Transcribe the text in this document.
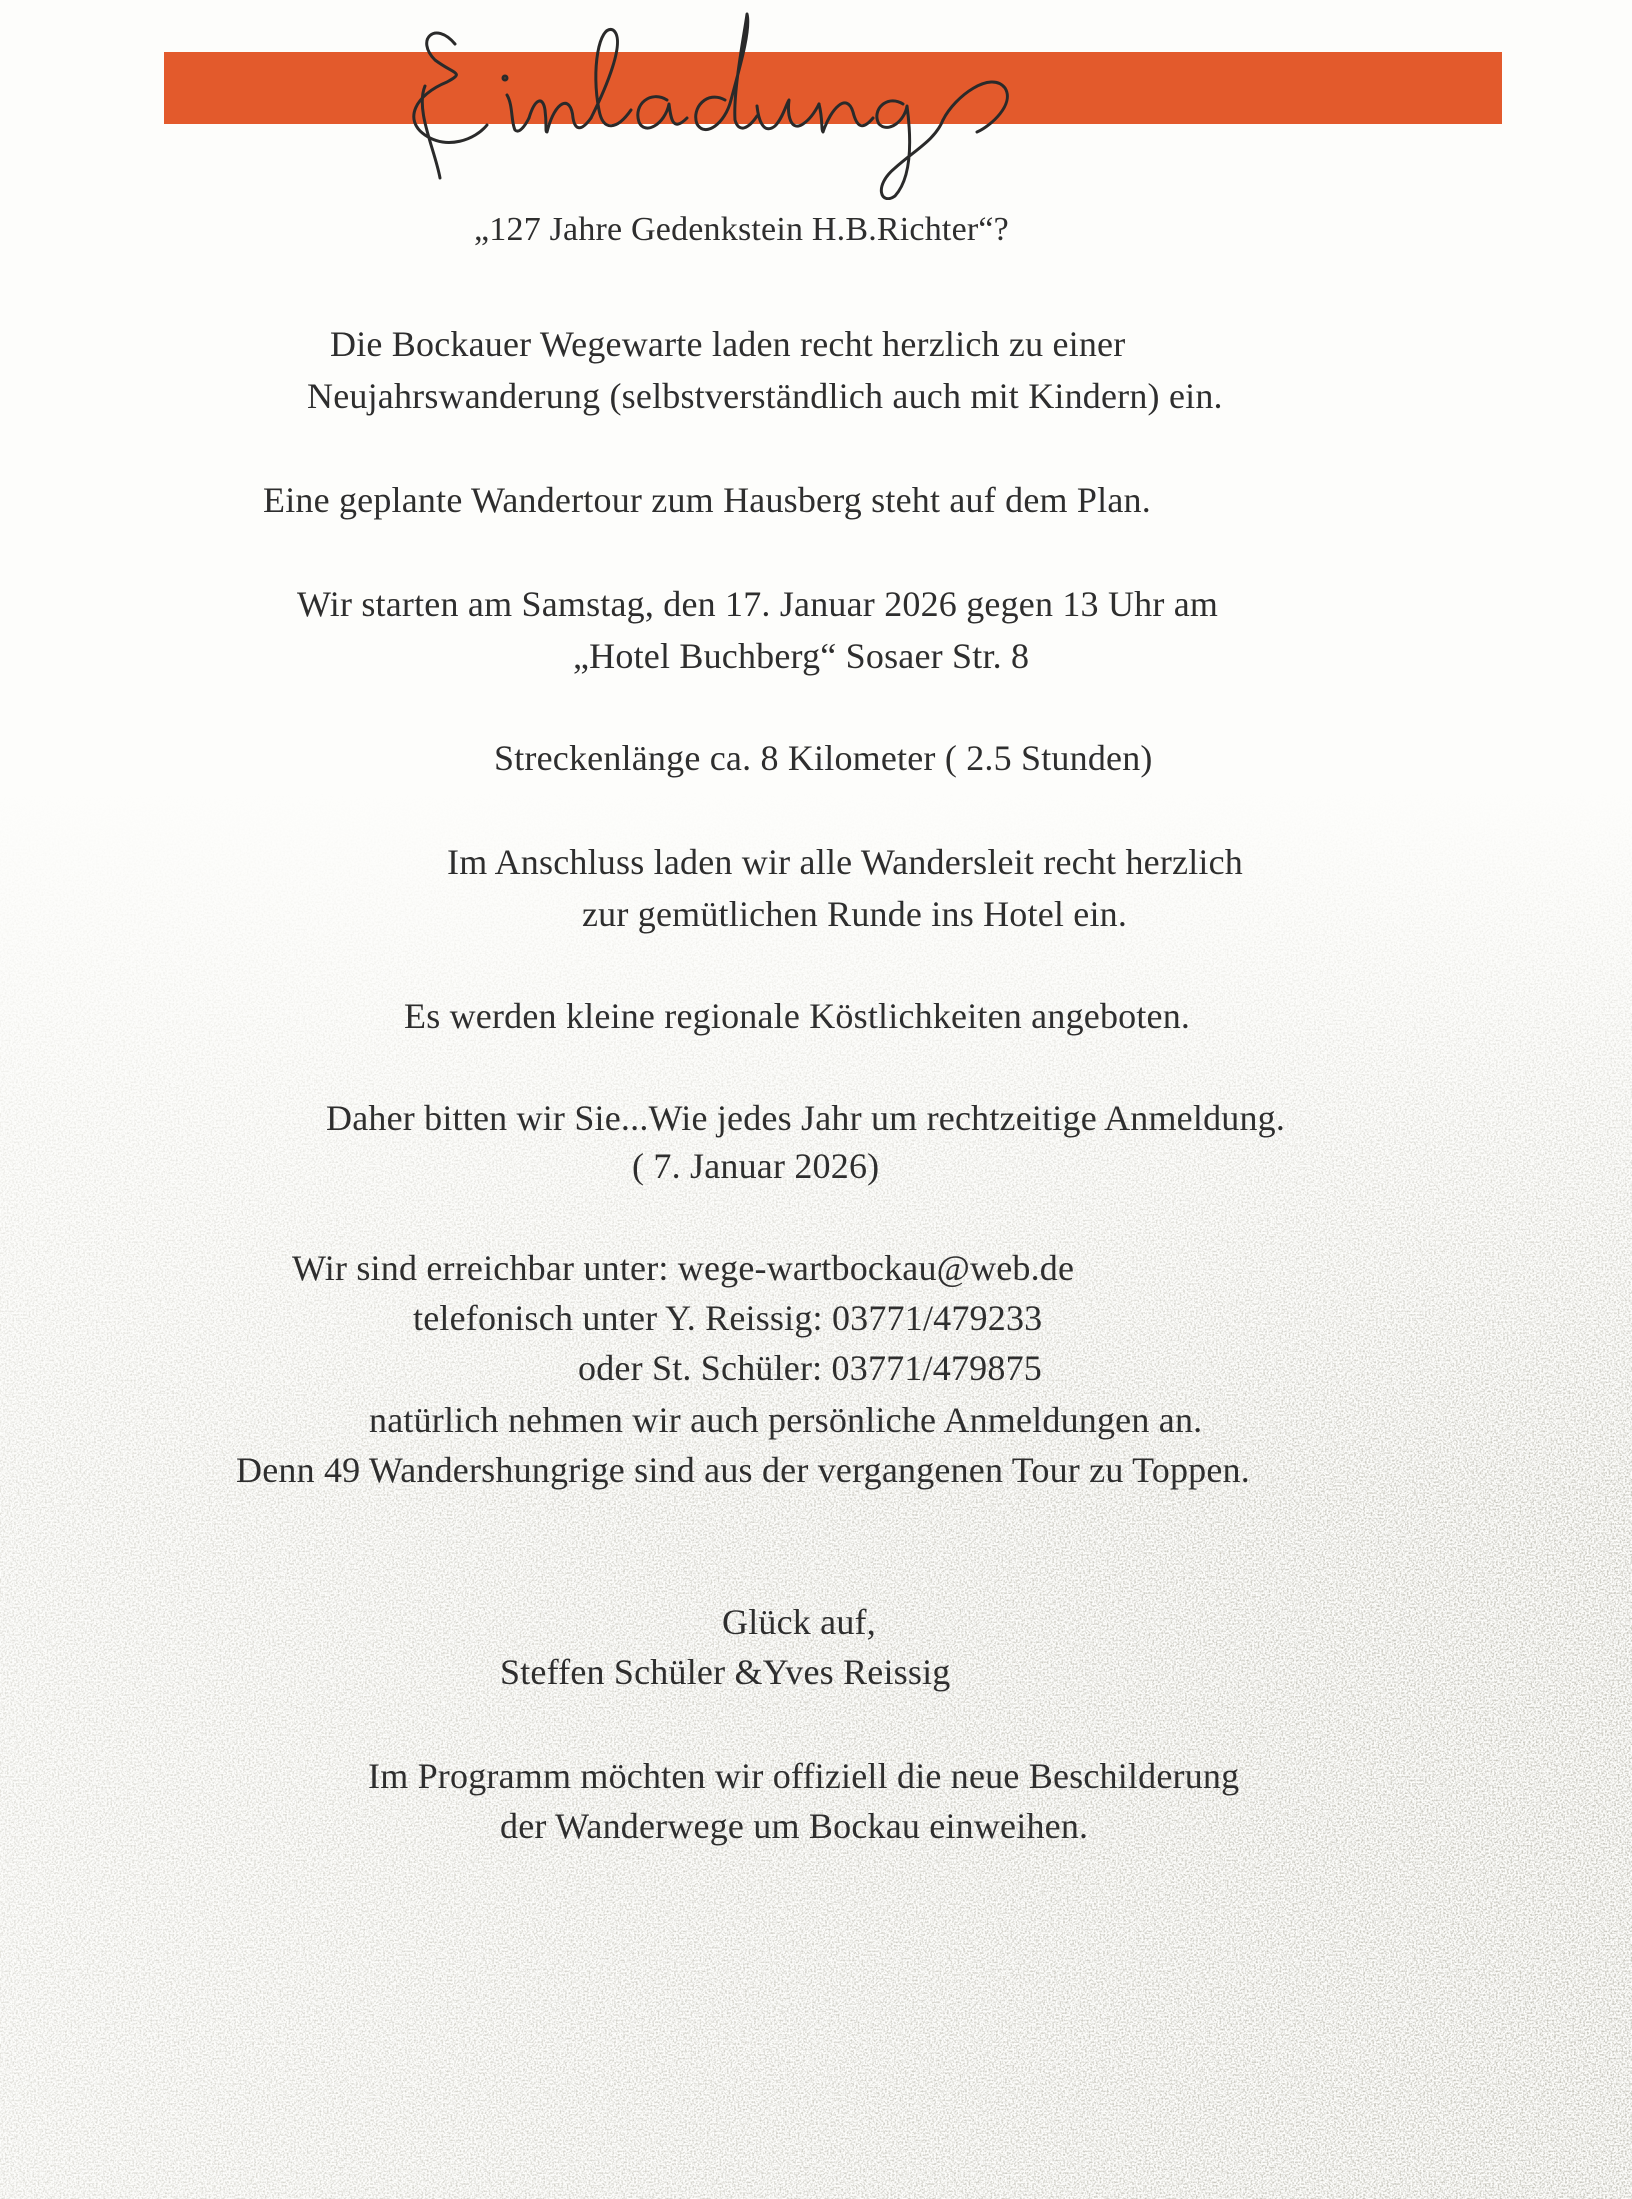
„127 Jahre Gedenkstein H.B.Richter“?
Die Bockauer Wegewarte laden recht herzlich zu einer
Neujahrswanderung (selbstverständlich auch mit Kindern) ein.
Eine geplante Wandertour zum Hausberg steht auf dem Plan.
Wir starten am Samstag, den 17. Januar 2026 gegen 13 Uhr am
„Hotel Buchberg“ Sosaer Str. 8
Streckenlänge ca. 8 Kilometer ( 2.5 Stunden)
Im Anschluss laden wir alle Wandersleit recht herzlich
zur gemütlichen Runde ins Hotel ein.
Es werden kleine regionale Köstlichkeiten angeboten.
Daher bitten wir Sie...Wie jedes Jahr um rechtzeitige Anmeldung.
( 7. Januar 2026)
Wir sind erreichbar unter: wege-wartbockau@web.de
telefonisch unter Y. Reissig: 03771/479233
oder St. Schüler: 03771/479875
natürlich nehmen wir auch persönliche Anmeldungen an.
Denn 49 Wandershungrige sind aus der vergangenen Tour zu Toppen.
Glück auf,
Steffen Schüler &Yves Reissig
Im Programm möchten wir offiziell die neue Beschilderung
der Wanderwege um Bockau einweihen.
